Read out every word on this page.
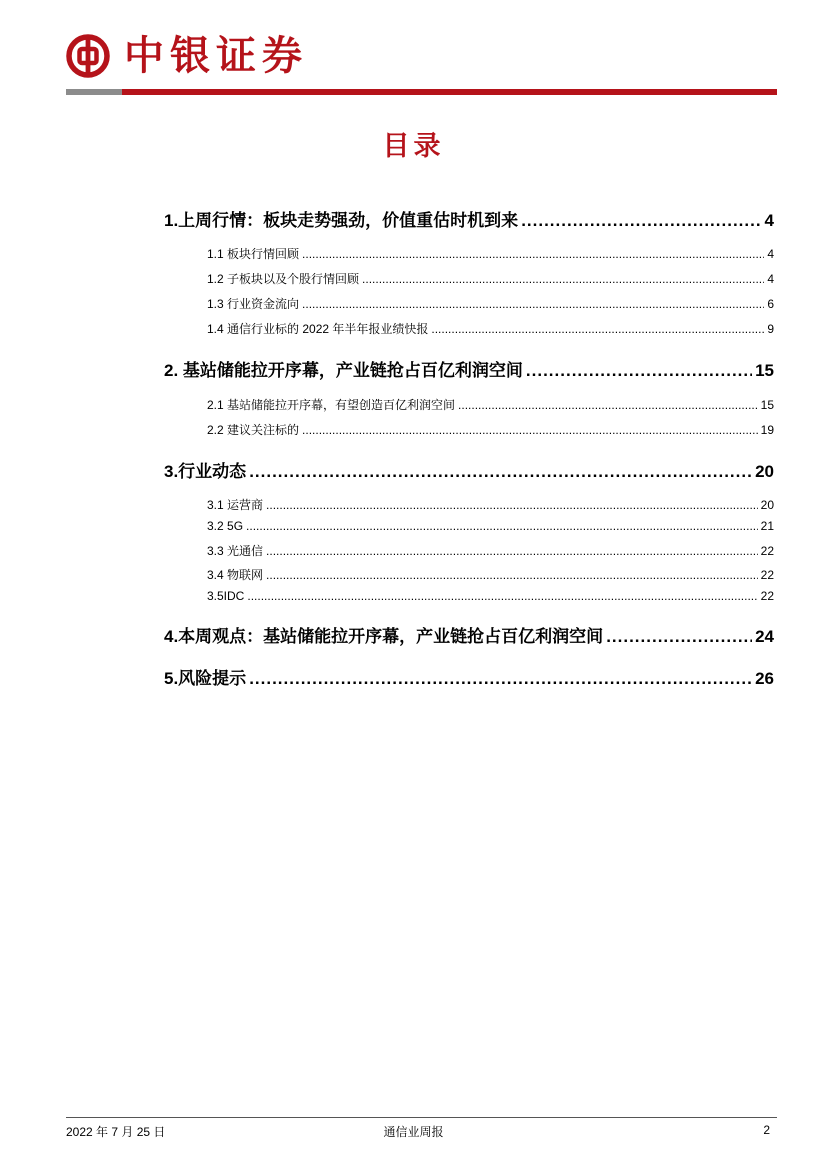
中银证券
目录
1.上周行情：板块走势强劲，价值重估时机到来 .....	4
1.1 板块行情回顾 .....	4
1.2 子板块以及个股行情回顾 .....	4
1.3 行业资金流向 .....	6
1.4 通信行业标的 2022 年半年报业绩快报 .....	9
2. 基站储能拉开序幕，产业链抢占百亿利润空间 .....	15
2.1 基站储能拉开序幕，有望创造百亿利润空间 .....	15
2.2 建议关注标的 .....	19
3.行业动态 .....	20
3.1 运营商 .....	20
3.2 5G .....	21
3.3 光通信 .....	22
3.4 物联网 .....	22
3.5IDC .....	22
4.本周观点：基站储能拉开序幕，产业链抢占百亿利润空间 .....	24
5.风险提示 .....	26
2022 年 7 月 25 日	通信业周报	2
